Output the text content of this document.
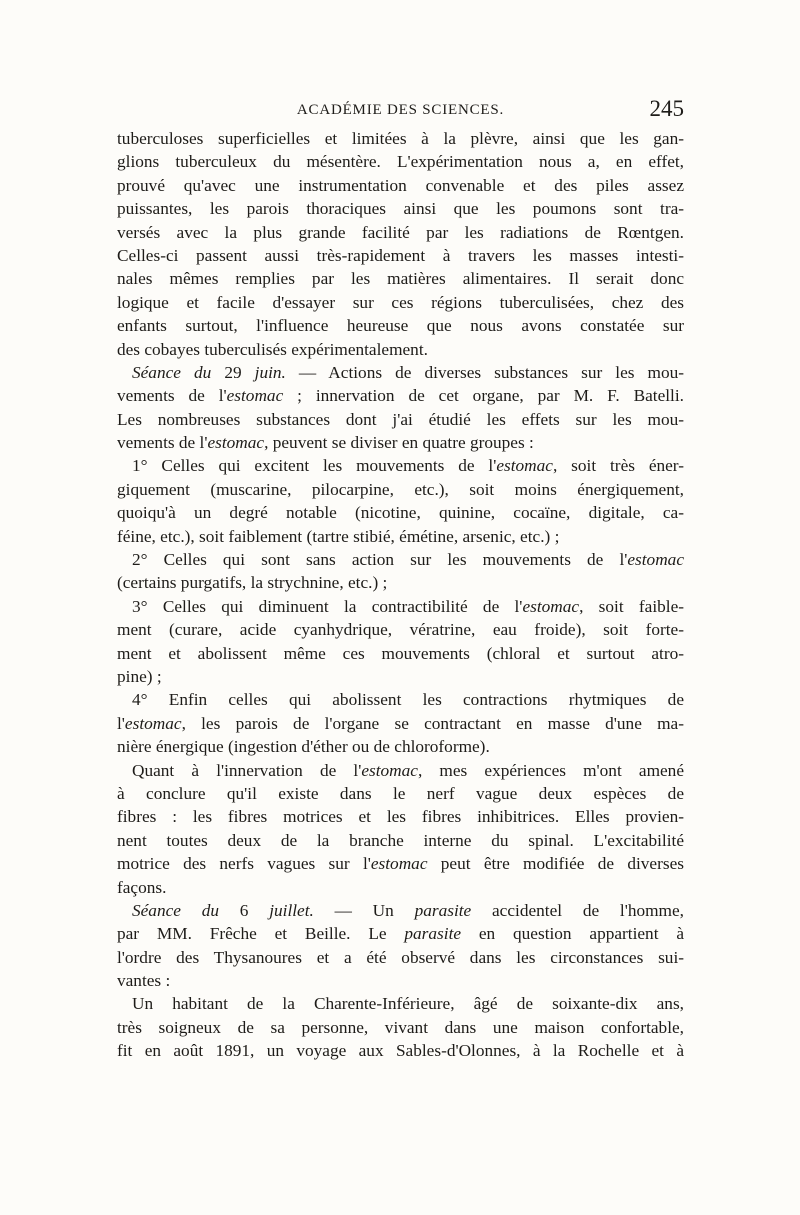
ACADÉMIE DES SCIENCES.	245
tuberculoses superficielles et limitées à la plèvre, ainsi que les gan-
glions tuberculeux du mésentère. L'expérimentation nous a, en effet,
prouvé qu'avec une instrumentation convenable et des piles assez
puissantes, les parois thoraciques ainsi que les poumons sont tra-
versés avec la plus grande facilité par les radiations de Rœntgen.
Celles-ci passent aussi très-rapidement à travers les masses intesti-
nales mêmes remplies par les matières alimentaires. Il serait donc
logique et facile d'essayer sur ces régions tuberculisées, chez des
enfants surtout, l'influence heureuse que nous avons constatée sur
des cobayes tuberculisés expérimentalement.
Séance du 29 juin. — Actions de diverses substances sur les mou-
vements de l'estomac ; innervation de cet organe, par M. F. Batelli.
Les nombreuses substances dont j'ai étudié les effets sur les mou-
vements de l'estomac, peuvent se diviser en quatre groupes :
1° Celles qui excitent les mouvements de l'estomac, soit très éner-
giquement (muscarine, pilocarpine, etc.), soit moins énergiquement,
quoiqu'à un degré notable (nicotine, quinine, cocaïne, digitale, ca-
féine, etc.), soit faiblement (tartre stibié, émétine, arsenic, etc.) ;
2° Celles qui sont sans action sur les mouvements de l'estomac
(certains purgatifs, la strychnine, etc.) ;
3° Celles qui diminuent la contractibilité de l'estomac, soit faible-
ment (curare, acide cyanhydrique, vératrine, eau froide), soit forte-
ment et abolissent même ces mouvements (chloral et surtout atro-
pine) ;
4° Enfin celles qui abolissent les contractions rhytmiques de
l'estomac, les parois de l'organe se contractant en masse d'une ma-
nière énergique (ingestion d'éther ou de chloroforme).
Quant à l'innervation de l'estomac, mes expériences m'ont amené
à conclure qu'il existe dans le nerf vague deux espèces de
fibres : les fibres motrices et les fibres inhibitrices. Elles provien-
nent toutes deux de la branche interne du spinal. L'excitabilité
motrice des nerfs vagues sur l'estomac peut être modifiée de diverses
façons.
Séance du 6 juillet. — Un parasite accidentel de l'homme,
par MM. Frêche et Beille. Le parasite en question appartient à
l'ordre des Thysanoures et a été observé dans les circonstances sui-
vantes :
Un habitant de la Charente-Inférieure, âgé de soixante-dix ans,
très soigneux de sa personne, vivant dans une maison confortable,
fit en août 1891, un voyage aux Sables-d'Olonnes, à la Rochelle et à
